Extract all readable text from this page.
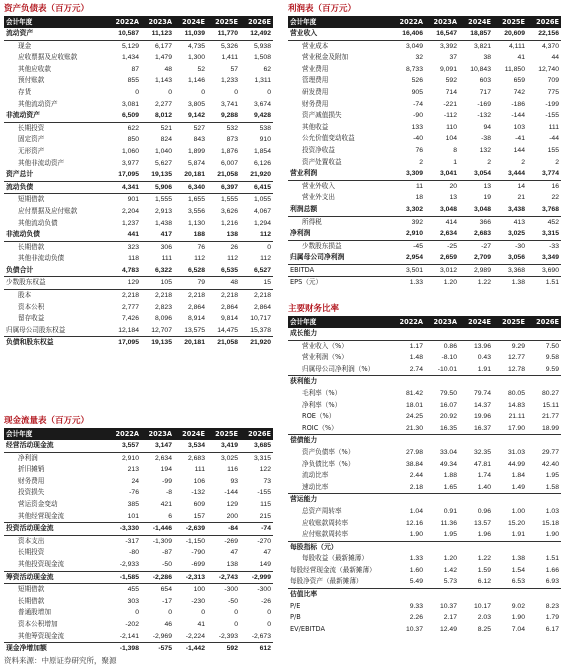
资产负债表（百万元）
会计年度	2022A	2023A	2024E	2025E	2026E
流动资产	10,587	11,123	11,039	11,770	12,492
现金	5,129	6,177	4,735	5,326	5,938
应收票据及应收账款	1,434	1,479	1,300	1,411	1,508
其他应收款	87	48	52	57	62
预付账款	855	1,143	1,146	1,233	1,311
存货	0	0	0	0	0
其他流动资产	3,081	2,277	3,805	3,741	3,674
非流动资产	6,509	8,012	9,142	9,288	9,428
长期投资	622	521	527	532	538
固定资产	850	824	843	873	910
无形资产	1,060	1,040	1,899	1,876	1,854
其他非流动资产	3,977	5,627	5,874	6,007	6,126
资产总计	17,095	19,135	20,181	21,058	21,920
流动负债	4,341	5,906	6,340	6,397	6,415
短期借款	901	1,555	1,655	1,555	1,055
应付票据及应付账款	2,204	2,913	3,556	3,626	4,067
其他流动负债	1,237	1,438	1,130	1,216	1,294
非流动负债	441	417	188	138	112
长期借款	323	306	76	26	0
其他非流动负债	118	111	112	112	112
负债合计	4,783	6,322	6,528	6,535	6,527
少数股东权益	129	105	79	48	15
股本	2,218	2,218	2,218	2,218	2,218
资本公积	2,777	2,823	2,864	2,864	2,864
留存收益	7,426	8,096	8,914	9,814	10,717
归属母公司股东权益	12,184	12,707	13,575	14,475	15,378
负债和股东权益	17,095	19,135	20,181	21,058	21,920
利润表（百万元）
会计年度	2022A	2023A	2024E	2025E	2026E
营业收入	16,406	16,547	18,857	20,609	22,156
营业成本	3,049	3,392	3,821	4,111	4,370
营业税金及附加	32	37	38	41	44
营业费用	8,733	9,091	10,843	11,850	12,740
管理费用	526	592	603	659	709
研发费用	905	714	717	742	775
财务费用	-74	-221	-169	-186	-199
资产减值损失	-90	-112	-132	-144	-155
其他收益	133	110	94	103	111
公允价值变动收益	-40	104	-38	-41	-44
投资净收益	76	8	132	144	155
资产处置收益	2	1	2	2	2
营业利润	3,309	3,041	3,054	3,444	3,774
营业外收入	11	20	13	14	16
营业外支出	18	13	19	21	22
利润总额	3,302	3,048	3,048	3,438	3,768
所得税	392	414	366	413	452
净利润	2,910	2,634	2,683	3,025	3,315
少数股东损益	-45	-25	-27	-30	-33
归属母公司净利润	2,954	2,659	2,709	3,056	3,349
EBITDA	3,501	3,012	2,989	3,368	3,690
EPS（元）	1.33	1.20	1.22	1.38	1.51
主要财务比率
会计年度	2022A	2023A	2024E	2025E	2026E
成长能力					
营业收入（%）	1.17	0.86	13.96	9.29	7.50
营业利润（%）	1.48	-8.10	0.43	12.77	9.58
归属母公司净利润（%）	2.74	-10.01	1.91	12.78	9.59
获利能力					
毛利率（%）	81.42	79.50	79.74	80.05	80.27
净利率（%）	18.01	16.07	14.37	14.83	15.11
ROE（%）	24.25	20.92	19.96	21.11	21.77
ROIC（%）	21.30	16.35	16.37	17.90	18.99
偿债能力					
资产负债率（%）	27.98	33.04	32.35	31.03	29.77
净负债比率（%）	38.84	49.34	47.81	44.99	42.40
流动比率	2.44	1.88	1.74	1.84	1.95
速动比率	2.18	1.65	1.40	1.49	1.58
营运能力					
总资产周转率	1.04	0.91	0.96	1.00	1.03
应收账款周转率	12.16	11.36	13.57	15.20	15.18
应付账款周转率	1.90	1.95	1.96	1.91	1.90
每股指标（元）					
每股收益（最新摊薄）	1.33	1.20	1.22	1.38	1.51
每股经营现金流（最新摊薄）	1.60	1.42	1.59	1.54	1.66
每股净资产（最新摊薄）	5.49	5.73	6.12	6.53	6.93
估值比率					
P/E	9.33	10.37	10.17	9.02	8.23
P/B	2.26	2.17	2.03	1.90	1.79
EV/EBITDA	10.37	12.49	8.25	7.04	6.17
现金流量表（百万元）
会计年度	2022A	2023A	2024E	2025E	2026E
经营活动现金流	3,557	3,147	3,534	3,419	3,685
净利润	2,910	2,634	2,683	3,025	3,315
折旧摊销	213	194	111	116	122
财务费用	24	-99	106	93	73
投资损失	-76	-8	-132	-144	-155
营运资金变动	385	421	609	129	115
其他经营现金流	101	6	157	200	215
投资活动现金流	-3,330	-1,446	-2,639	-84	-74
资本支出	-317	-1,309	-1,150	-269	-270
长期投资	-80	-87	-790	47	47
其他投资现金流	-2,933	-50	-699	138	149
筹资活动现金流	-1,585	-2,286	-2,313	-2,743	-2,999
短期借款	455	654	100	-300	-300
长期借款	303	-17	-230	-50	-26
普通股增加	0	0	0	0	0
资本公积增加	-202	46	41	0	0
其他筹资现金流	-2,141	-2,969	-2,224	-2,393	-2,673
现金净增加额	-1,398	-575	-1,442	592	612
资料来源：中原证券研究所，聚源
